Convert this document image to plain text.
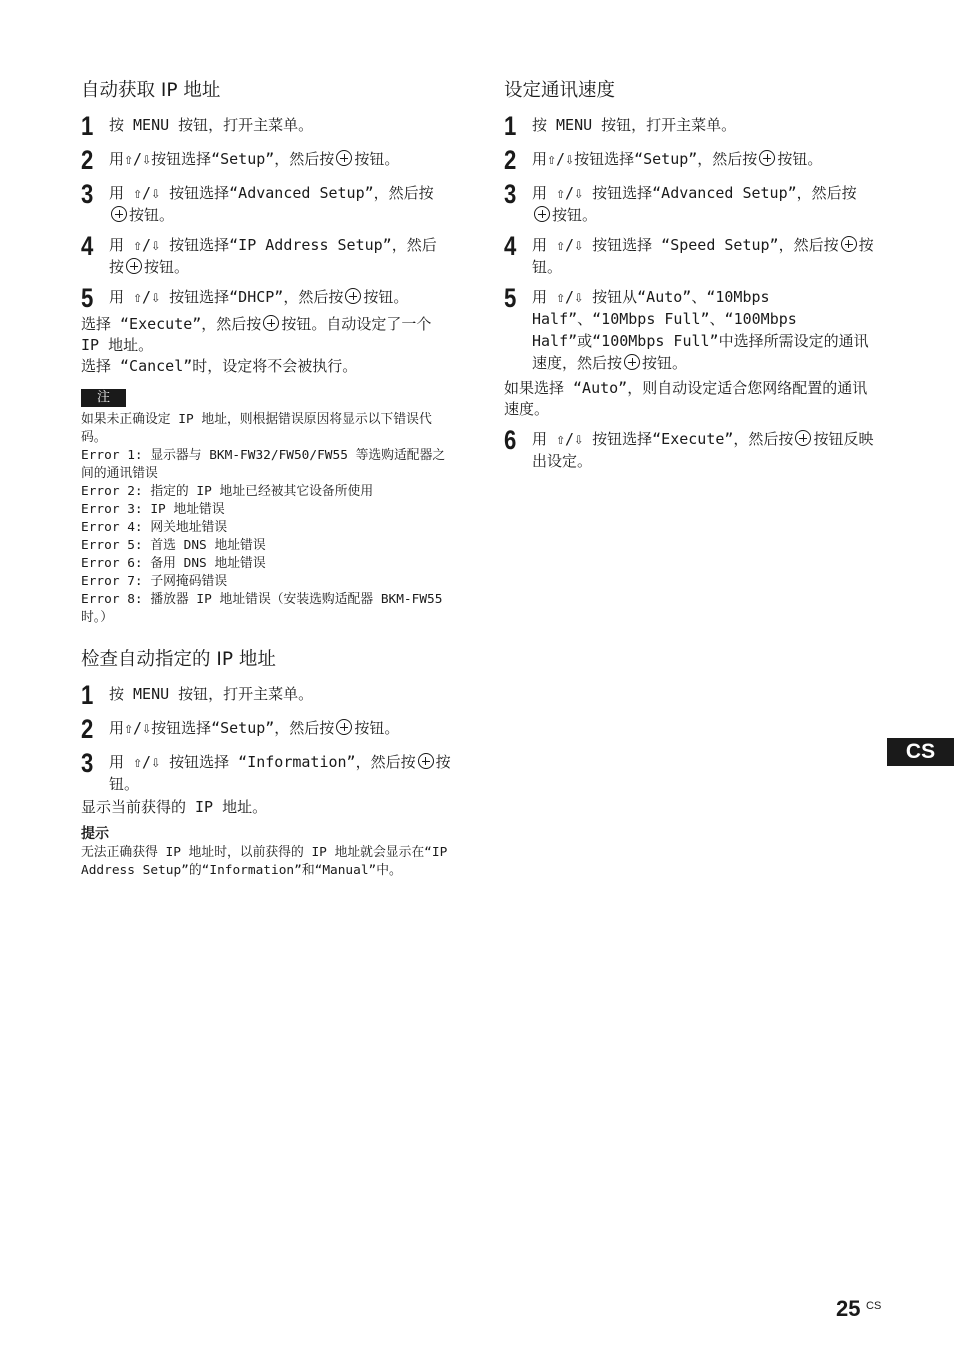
自动获取 IP 地址
1	按 MENU 按钮，打开主菜单。
2	用⇧/⇩按钮选择“Setup”，然后按 按钮。
3	用 ⇧/⇩ 按钮选择“Advanced Setup”，然后按按钮。
4	用 ⇧/⇩ 按钮选择“IP Address Setup”，然后按 按钮。
5	用 ⇧/⇩ 按钮选择“DHCP”，然后按 按钮。

选择 “Execute”，然后按 按钮。自动设定了一个 IP 地址。

选择 “Cancel”时，设定将不会被执行。

注

如果未正确设定 IP 地址，则根据错误原因将显示以下错误代码。

Error 1: 显示器与 BKM-FW32/FW50/FW55 等选购适配器之间的通讯错误

Error 2: 指定的 IP 地址已经被其它设备所使用

Error 3: IP 地址错误

Error 4: 网关地址错误

Error 5: 首选 DNS 地址错误

Error 6: 备用 DNS 地址错误

Error 7: 子网掩码错误

Error 8: 播放器 IP 地址错误（安装选购适配器 BKM-FW55 时。）

检查自动指定的 IP 地址
1	按 MENU 按钮，打开主菜单。
2	用⇧/⇩按钮选择“Setup”，然后按 按钮。
3	用 ⇧/⇩ 按钮选择 “Information”，然后按 按钮。

显示当前获得的 IP 地址。

提示

无法正确获得 IP 地址时，以前获得的 IP 地址就会显示在“IP Address Setup”的“Information”和“Manual”中。

设定通讯速度
1	按 MENU 按钮，打开主菜单。
2	用⇧/⇩按钮选择“Setup”，然后按 按钮。
3	用 ⇧/⇩ 按钮选择“Advanced Setup”，然后按按钮。
4	用 ⇧/⇩ 按钮选择 “Speed Setup”，然后按 按钮。
5	用 ⇧/⇩ 按钮从“Auto”、“10Mbps Half”、“10Mbps Full”、“100Mbps Half”或“100Mbps Full”中选择所需设定的通讯速度，然后按 按钮。

如果选择 “Auto”，则自动设定适合您网络配置的通讯速度。

6	用 ⇧/⇩ 按钮选择“Execute”，然后按 按钮反映出设定。
CS
25 CS
